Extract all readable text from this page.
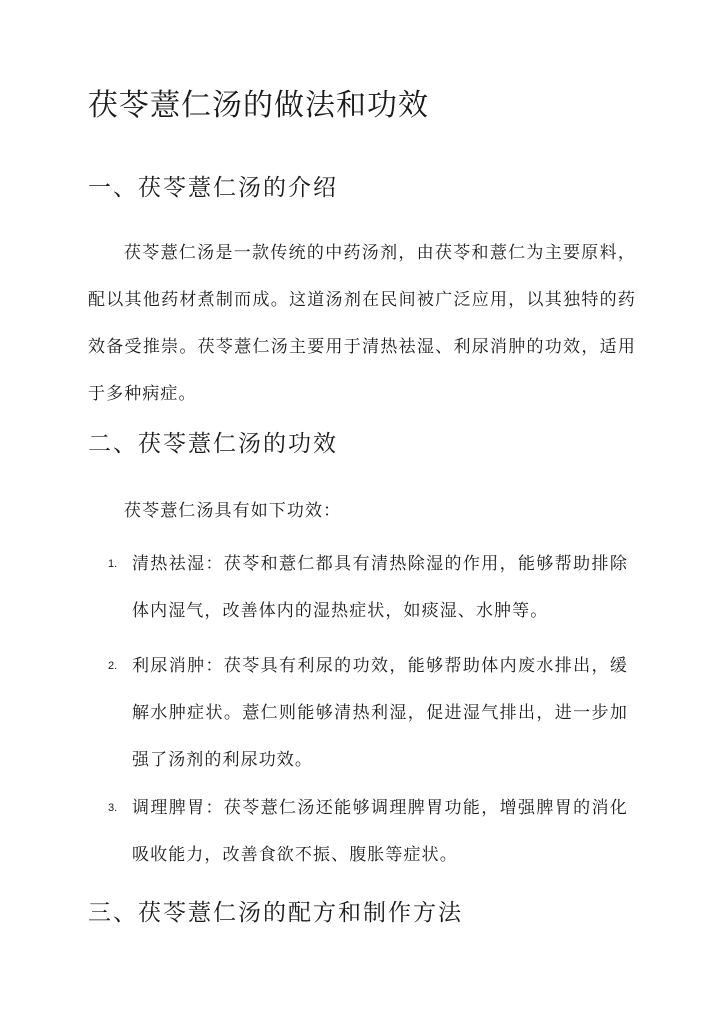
茯苓薏仁汤的做法和功效
一、茯苓薏仁汤的介绍

茯苓薏仁汤是一款传统的中药汤剂，由茯苓和薏仁为主要原料，配以其他药材煮制而成。这道汤剂在民间被广泛应用，以其独特的药效备受推崇。茯苓薏仁汤主要用于清热祛湿、利尿消肿的功效，适用于多种病症。

二、茯苓薏仁汤的功效

茯苓薏仁汤具有如下功效：

1. 清热祛湿：茯苓和薏仁都具有清热除湿的作用，能够帮助排除体内湿气，改善体内的湿热症状，如痰湿、水肿等。

2. 利尿消肿：茯苓具有利尿的功效，能够帮助体内废水排出，缓解水肿症状。薏仁则能够清热利湿，促进湿气排出，进一步加强了汤剂的利尿功效。

3. 调理脾胃：茯苓薏仁汤还能够调理脾胃功能，增强脾胃的消化吸收能力，改善食欲不振、腹胀等症状。

三、茯苓薏仁汤的配方和制作方法
